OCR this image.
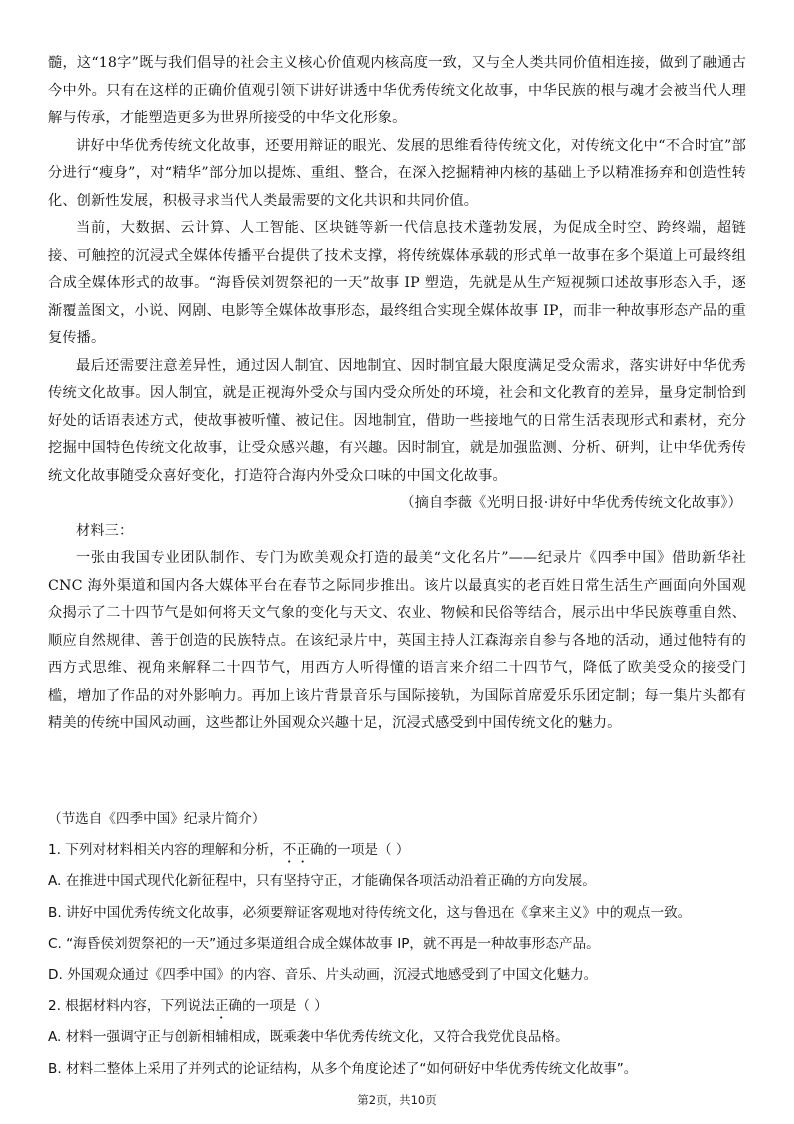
髓，这“18字”既与我们倡导的社会主义核心价值观内核高度一致，又与全人类共同价值相连接，做到了融通古今中外。只有在这样的正确价值观引领下讲好讲透中华优秀传统文化故事，中华民族的根与魂才会被当代人理解与传承，才能塑造更多为世界所接受的中华文化形象。

讲好中华优秀传统文化故事，还要用辩证的眼光、发展的思维看待传统文化，对传统文化中“不合时宜”部分进行“瘦身”，对“精华”部分加以提炼、重组、整合，在深入挖掘精神内核的基础上予以精准扬弃和创造性转化、创新性发展，积极寻求当代人类最需要的文化共识和共同价值。

当前，大数据、云计算、人工智能、区块链等新一代信息技术蓬勃发展，为促成全时空、跨终端，超链接、可触控的沉浸式全媒体传播平台提供了技术支撑，将传统媒体承载的形式单一故事在多个渠道上可最终组合成全媒体形式的故事。“海昏侯刘贺祭祀的一天”故事 IP 塑造，先就是从生产短视频口述故事形态入手，逐渐覆盖图文，小说、网剧、电影等全媒体故事形态，最终组合实现全媒体故事 IP，而非一种故事形态产品的重复传播。

最后还需要注意差异性，通过因人制宜、因地制宜、因时制宜最大限度满足受众需求，落实讲好中华优秀传统文化故事。因人制宜，就是正视海外受众与国内受众所处的环境，社会和文化教育的差异，量身定制恰到好处的话语表述方式，使故事被听懂、被记住。因地制宜，借助一些接地气的日常生活表现形式和素材，充分挖掘中国特色传统文化故事，让受众感兴趣，有兴趣。因时制宜，就是加强监测、分析、研判，让中华优秀传统文化故事随受众喜好变化，打造符合海内外受众口味的中国文化故事。

（摘自李薇《光明日报·讲好中华优秀传统文化故事》）

材料三：

一张由我国专业团队制作、专门为欧美观众打造的最美“文化名片”——纪录片《四季中国》借助新华社 CNC 海外渠道和国内各大媒体平台在春节之际同步推出。该片以最真实的老百姓日常生活生产画面向外国观众揭示了二十四节气是如何将天文气象的变化与天文、农业、物候和民俗等结合，展示出中华民族尊重自然、顺应自然规律、善于创造的民族特点。在该纪录片中，英国主持人江森海亲自参与各地的活动，通过他特有的西方式思维、视角来解释二十四节气，用西方人听得懂的语言来介绍二十四节气，降低了欧美受众的接受门槛，增加了作品的对外影响力。再加上该片背景音乐与国际接轨，为国际首席爱乐乐团定制；每一集片头都有精美的传统中国风动画，这些都让外国观众兴趣十足，沉浸式感受到中国传统文化的魅力。

（节选自《四季中国》纪录片简介）

1. 下列对材料相关内容的理解和分析，不正确的一项是（ ）

A. 在推进中国式现代化新征程中，只有坚持守正，才能确保各项活动沿着正确的方向发展。

B. 讲好中国优秀传统文化故事，必须要辩证客观地对待传统文化，这与鲁迅在《拿来主义》中的观点一致。

C. “海昏侯刘贺祭祀的一天”通过多渠道组合成全媒体故事 IP，就不再是一种故事形态产品。

D. 外国观众通过《四季中国》的内容、音乐、片头动画，沉浸式地感受到了中国文化魅力。

2. 根据材料内容，下列说法正确的一项是（ ）

A. 材料一强调守正与创新相辅相成，既乘袭中华优秀传统文化，又符合我党优良品格。

B. 材料二整体上采用了并列式的论证结构，从多个角度论述了“如何研好中华优秀传统文化故事”。

第2页，共10页
